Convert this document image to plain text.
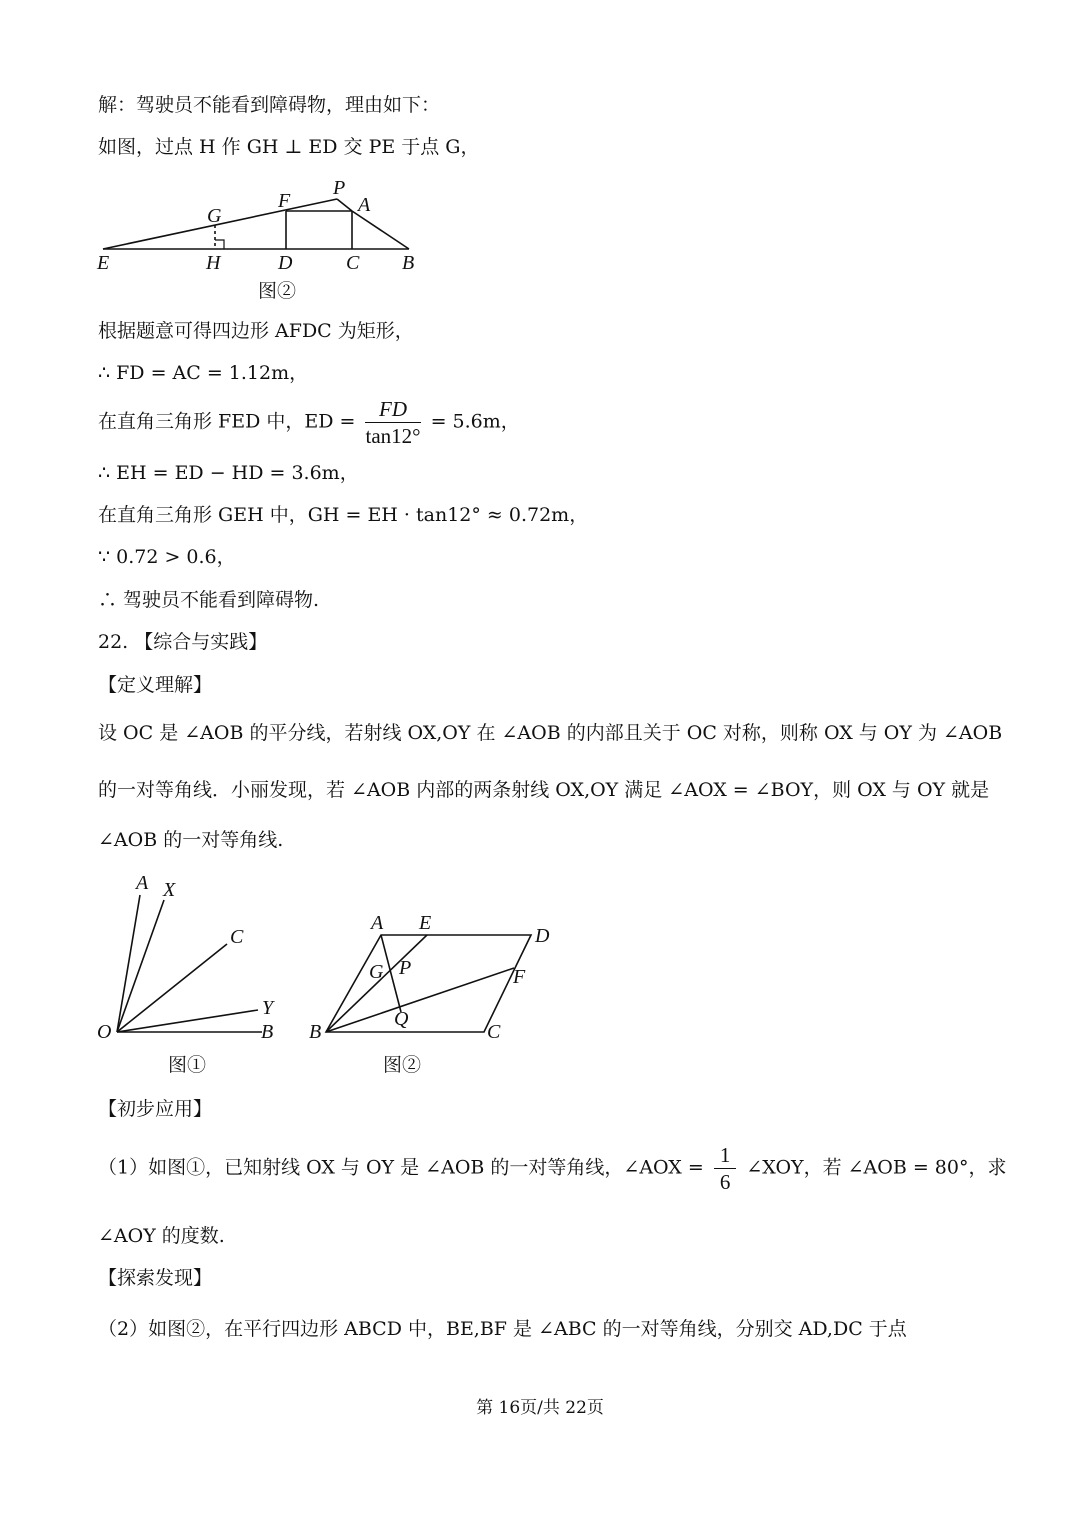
解：驾驶员不能看到障碍物，理由如下：
如图，过点 H 作 GH ⊥ ED 交 PE 于点 G，
E	H	D	C B
G
F
P
A
图②
根据题意可得四边形 AFDC 为矩形，
∴ FD = AC = 1.12m，
在直角三角形 FED 中，ED = $\frac{FD}{\tan 12^\circ} = 5.6m$，
∴ EH = ED − HD = 3.6m，
在直角三角形 GEH 中，GH = EH · tan12° ≈ 0.72m，
∵ 0.72 > 0.6，
∴ 驾驶员不能看到障碍物.
22. 【综合与实践】
【定义理解】
设 OC 是 ∠AOB 的平分线，若射线 OX,OY 在 ∠AOB 的内部且关于 OC 对称，则称 OX 与 OY 为 ∠AOB
的一对等角线．小丽发现，若 ∠AOB 内部的两条射线 OX,OY 满足 ∠AOX = ∠BOY，则 OX 与 OY 就是
∠AOB 的一对等角线.
A X
C
Y
O	B
图①
A E
D
G P	F
Q
B	C
图②
【初步应用】
（1）如图①，已知射线 OX 与 OY 是 ∠AOB 的一对等角线，∠AOX = $\frac{1}{6}$ ∠XOY，若 ∠AOB = 80°，求
∠AOY 的度数.
【探索发现】
（2）如图②，在平行四边形 ABCD 中，BE,BF 是 ∠ABC 的一对等角线，分别交 AD,DC 于点
第 16页/共 22页
